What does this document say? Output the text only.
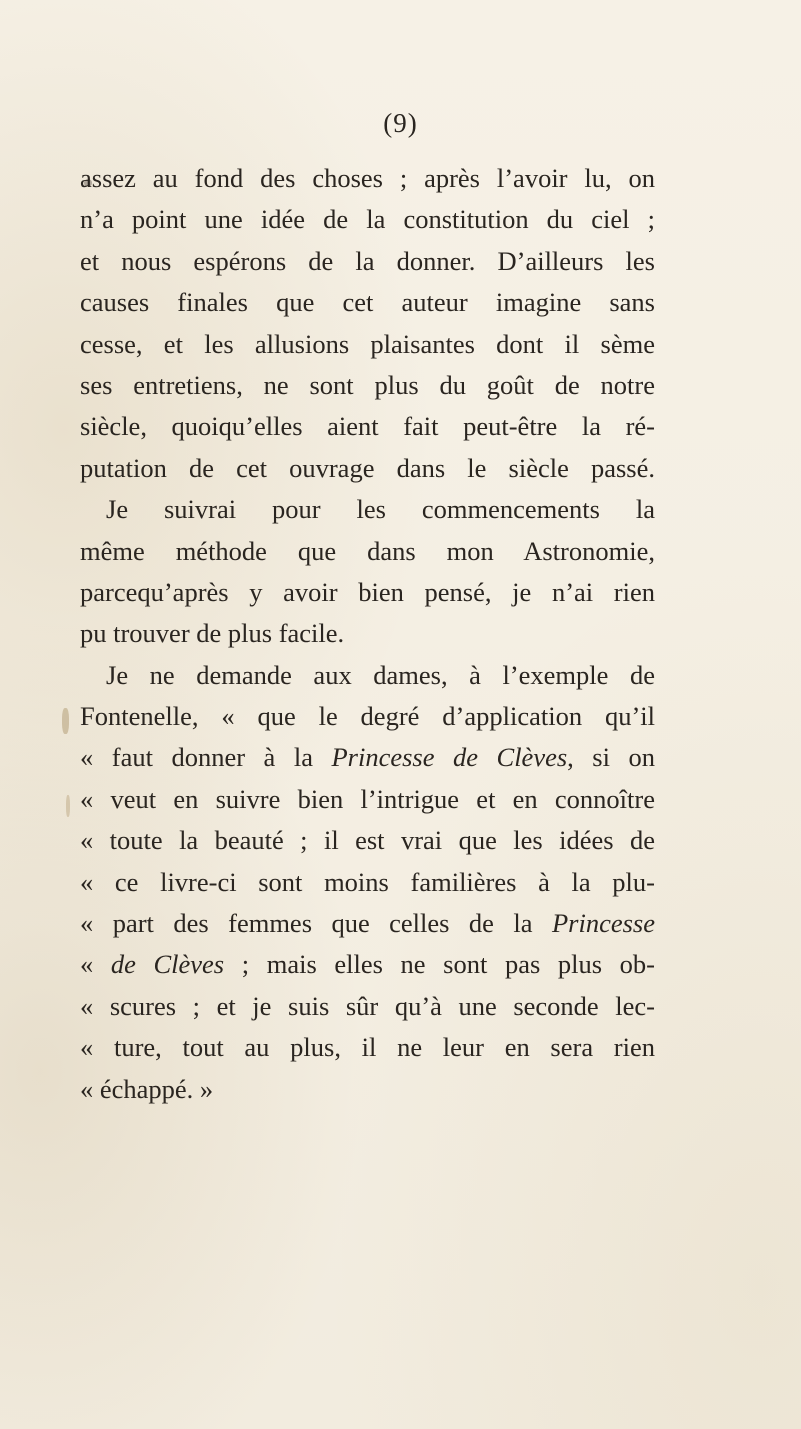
(9)
assez au fond des choses ; après l’avoir lu, on
n’a point une idée de la constitution du ciel ;
et nous espérons de la donner. D’ailleurs les
causes finales que cet auteur imagine sans
cesse, et les allusions plaisantes dont il sème
ses entretiens, ne sont plus du goût de notre
siècle, quoiqu’elles aient fait peut-être la ré-
putation de cet ouvrage dans le siècle passé.
Je suivrai pour les commencements la
même méthode que dans mon Astronomie,
parcequ’après y avoir bien pensé, je n’ai rien
pu trouver de plus facile.
Je ne demande aux dames, à l’exemple de
Fontenelle, « que le degré d’application qu’il
« faut donner à la Princesse de Clèves, si on
« veut en suivre bien l’intrigue et en connoître
« toute la beauté ; il est vrai que les idées de
« ce livre-ci sont moins familières à la plu-
« part des femmes que celles de la Princesse
« de Clèves ; mais elles ne sont pas plus ob-
« scures ; et je suis sûr qu’à une seconde lec-
« ture, tout au plus, il ne leur en sera rien
« échappé. »
